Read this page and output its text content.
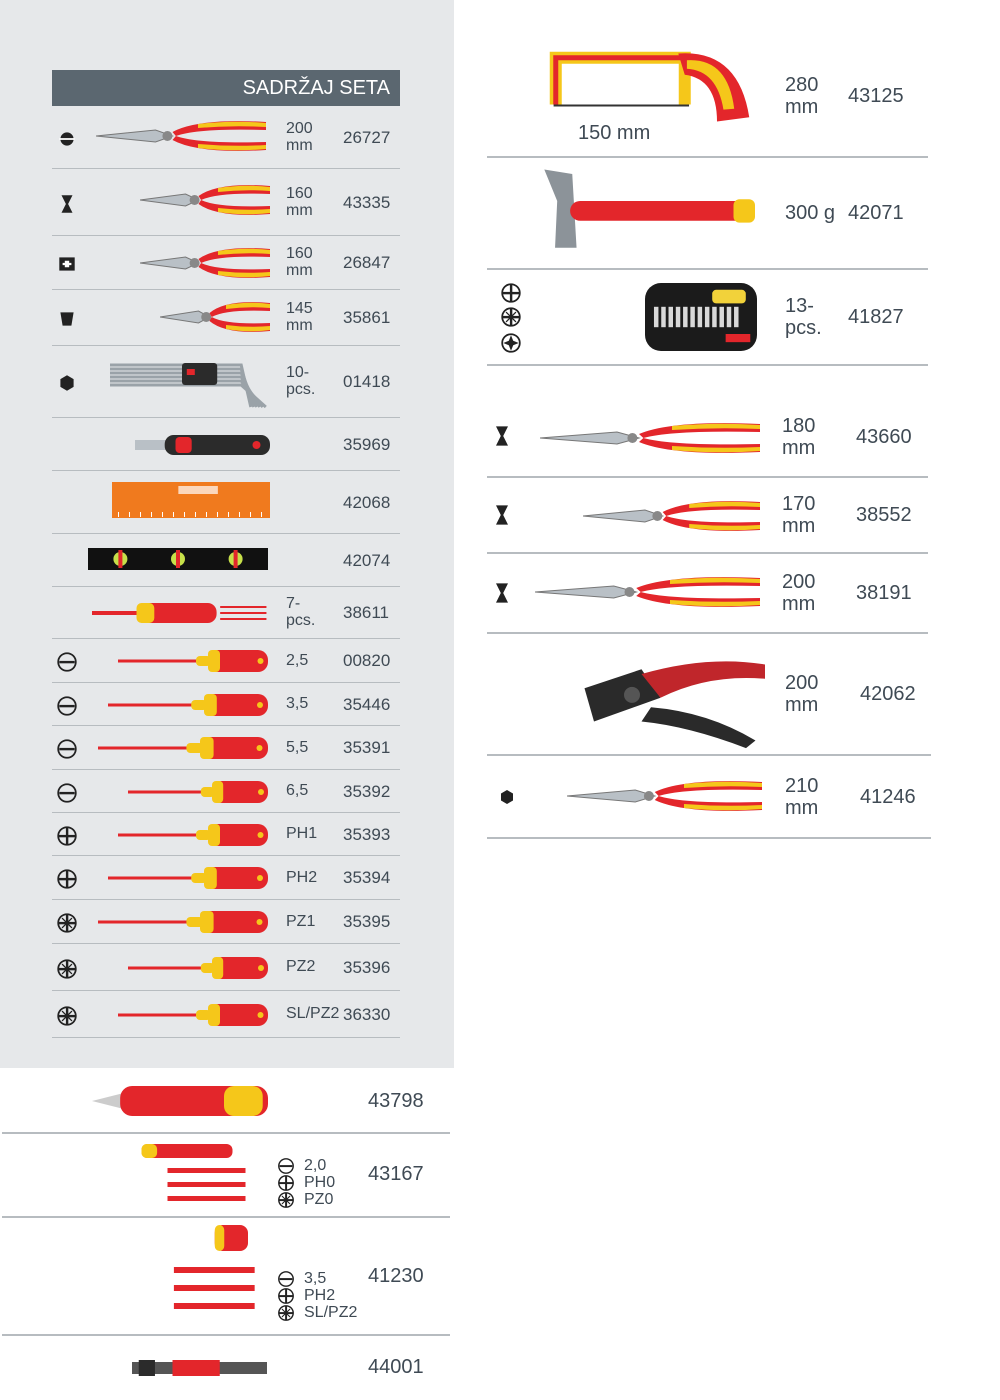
SADRŽAJ SETA
200
mm 26727
160
mm 43335
160
mm 26847
145
mm 35861
10-
pcs. 01418
35969
42068
42074
7-
pcs. 38611
2,5 00820
3,5 35446
5,5 35391
6,5 35392
PH1 35393
PH2 35394
PZ1 35395
PZ2 35396
SL/PZ2 36330
43798
43167
2,0
PH0
PZ0
41230
3,5
PH2
SL/PZ2
44001
280
mm 43125
150 mm
300 g 42071
13-
pcs. 41827
180
mm 43660
170
mm 38552
200
mm 38191
200
mm 42062
210
mm 41246
